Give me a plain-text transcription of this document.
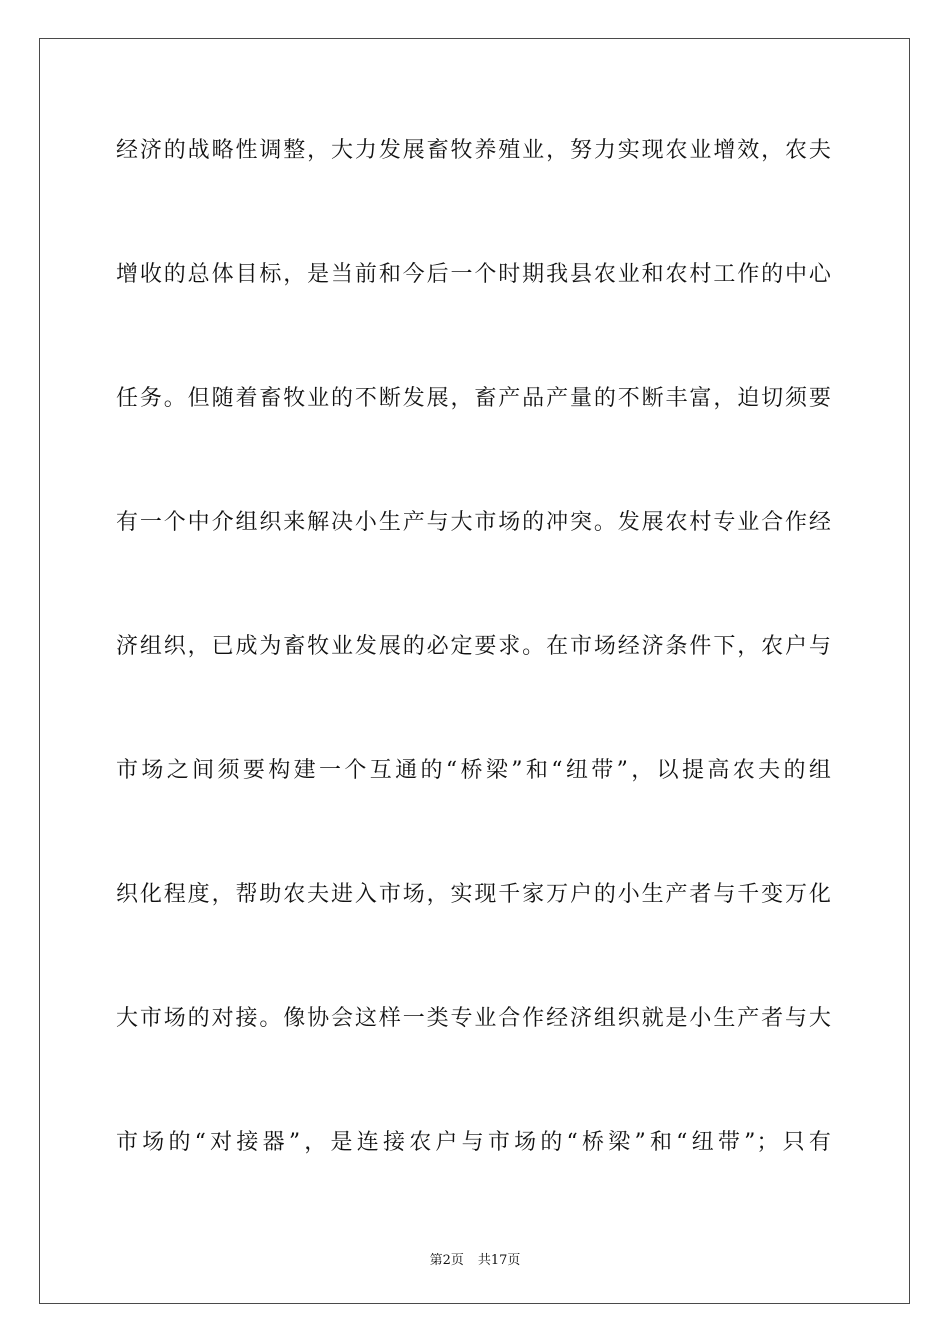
经济的战略性调整，大力发展畜牧养殖业，努力实现农业增效，农夫
增收的总体目标，是当前和今后一个时期我县农业和农村工作的中心
任务。但随着畜牧业的不断发展，畜产品产量的不断丰富，迫切须要
有一个中介组织来解决小生产与大市场的冲突。发展农村专业合作经
济组织，已成为畜牧业发展的必定要求。在市场经济条件下，农户与
市场之间须要构建一个互通的“桥梁”和“纽带”，以提高农夫的组
织化程度，帮助农夫进入市场，实现千家万户的小生产者与千变万化
大市场的对接。像协会这样一类专业合作经济组织就是小生产者与大
市场的“对接器”，是连接农户与市场的“桥梁”和“纽带”；只有
第2页 共17页
